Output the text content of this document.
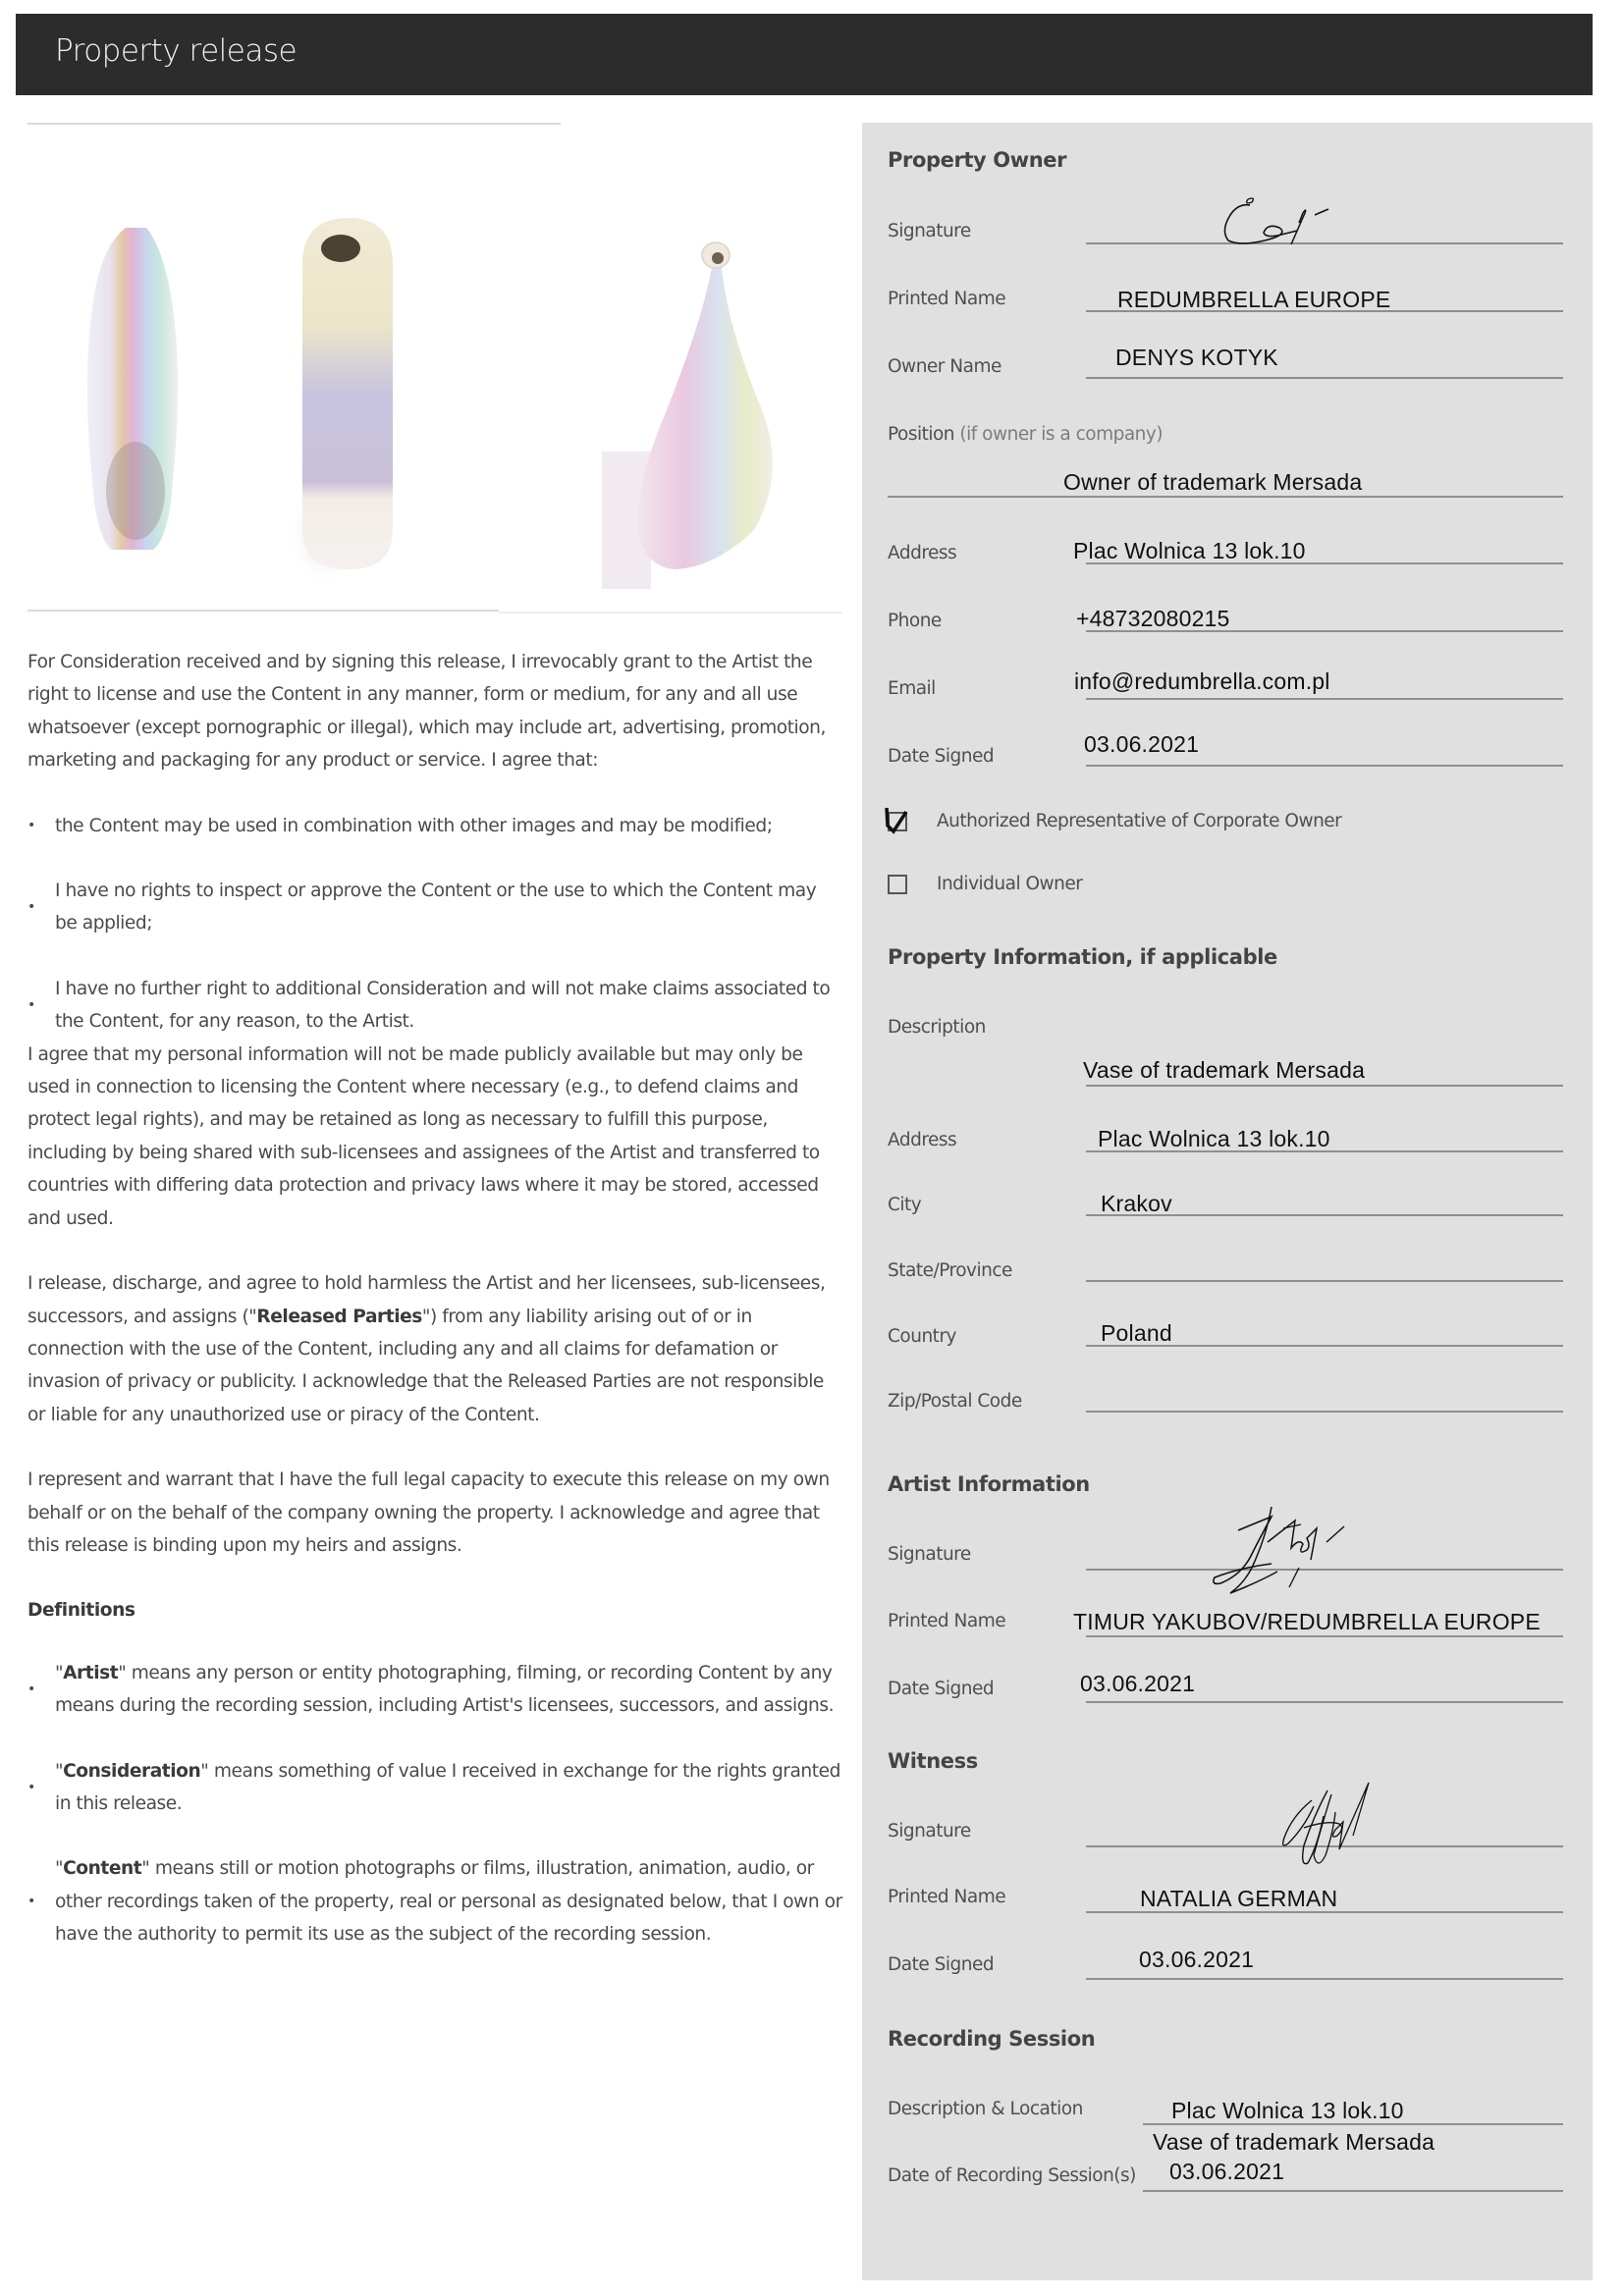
Property release

For Consideration received and by signing this release, I irrevocably grant to the Artist the right to license and use the Content in any manner, form or medium, for any and all use whatsoever (except pornographic or illegal), which may include art, advertising, promotion, marketing and packaging for any product or service. I agree that:

• the Content may be used in combination with other images and may be modified;
•
I have no rights to inspect or approve the Content or the use to which the Content may be applied;
•
I have no further right to additional Consideration and will not make claims associated to the Content, for any reason, to the Artist.

I agree that my personal information will not be made publicly available but may only be used in connection to licensing the Content where necessary (e.g., to defend claims and protect legal rights), and may be retained as long as necessary to fulfill this purpose, including by being shared with sub-licensees and assignees of the Artist and transferred to countries with differing data protection and privacy laws where it may be stored, accessed and used.

I release, discharge, and agree to hold harmless the Artist and her licensees, sub-licensees, successors, and assigns ("Released Parties") from any liability arising out of or in connection with the use of the Content, including any and all claims for defamation or invasion of privacy or publicity. I acknowledge that the Released Parties are not responsible or liable for any unauthorized use or piracy of the Content.

I represent and warrant that I have the full legal capacity to execute this release on my own behalf or on the behalf of the company owning the property. I acknowledge and agree that this release is binding upon my heirs and assigns.

Definitions

•
"Artist" means any person or entity photographing, filming, or recording Content by any means during the recording session, including Artist's licensees, successors, and assigns.
•
"Consideration" means something of value I received in exchange for the rights granted in this release.
•
"Content" means still or motion photographs or films, illustration, animation, audio, or other recordings taken of the property, real or personal as designated below, that I own or have the authority to permit its use as the subject of the recording session.
Property Owner
Signature
Printed Name	REDUMBRELLA EUROPE
Owner Name	DENYS KOTYK
Position (if owner is a company)
Owner of trademark Mersada
Address	Plac Wolnica 13 lok.10
Phone	+48732080215
Email	info@redumbrella.com.pl
Date Signed	03.06.2021
Authorized Representative of Corporate Owner
Individual Owner
Property Information, if applicable
Description
Vase of trademark Mersada
Address	Plac Wolnica 13 lok.10
City	Krakov
State/Province
Country	Poland
Zip/Postal Code
Artist Information
Signature
Printed Name	TIMUR YAKUBOV/REDUMBRELLA EUROPE
Date Signed	03.06.2021
Witness
Signature
Printed Name	NATALIA GERMAN
Date Signed	03.06.2021
Recording Session
Description & Location	Plac Wolnica 13 lok.10
Vase of trademark Mersada
Date of Recording Session(s) 03.06.2021
